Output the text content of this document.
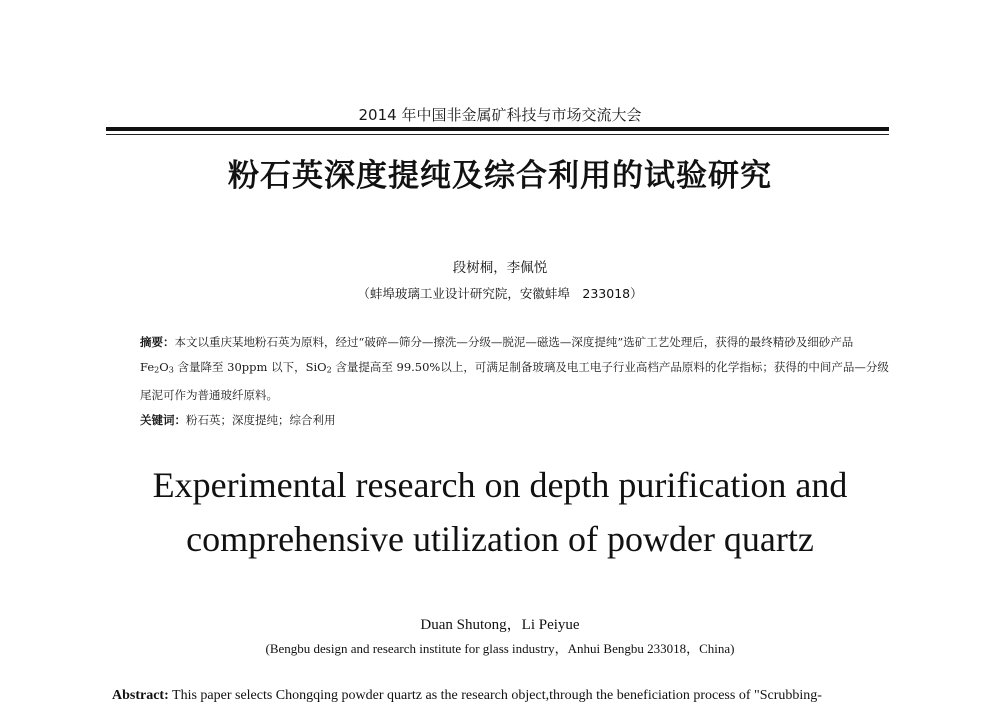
2014 年中国非金属矿科技与市场交流大会
粉石英深度提纯及综合利用的试验研究
段树桐，李佩悦
（蚌埠玻璃工业设计研究院，安徽蚌埠　233018）
摘要：本文以重庆某地粉石英为原料，经过“破碎—筛分—擦洗—分级—脱泥—磁选—深度提纯”选矿工艺处理后，获得的最终精砂及细砂产品 $Fe_2O_3$ 含量降至 30ppm 以下，SiO$_2$ 含量提高至 99.50%以上，可满足制备玻璃及电工电子行业高档产品原料的化学指标；获得的中间产品—分级尾泥可作为普通玻纤原料。
关键词：粉石英；深度提纯；综合利用
Experimental research on depth purification and
comprehensive utilization of powder quartz
Duan Shutong，Li Peiyue
(Bengbu design and research institute for glass industry，Anhui Bengbu 233018，China)
Abstract: This paper selects Chongqing powder quartz as the research object,through the beneficiation process of "Scrubbing-
